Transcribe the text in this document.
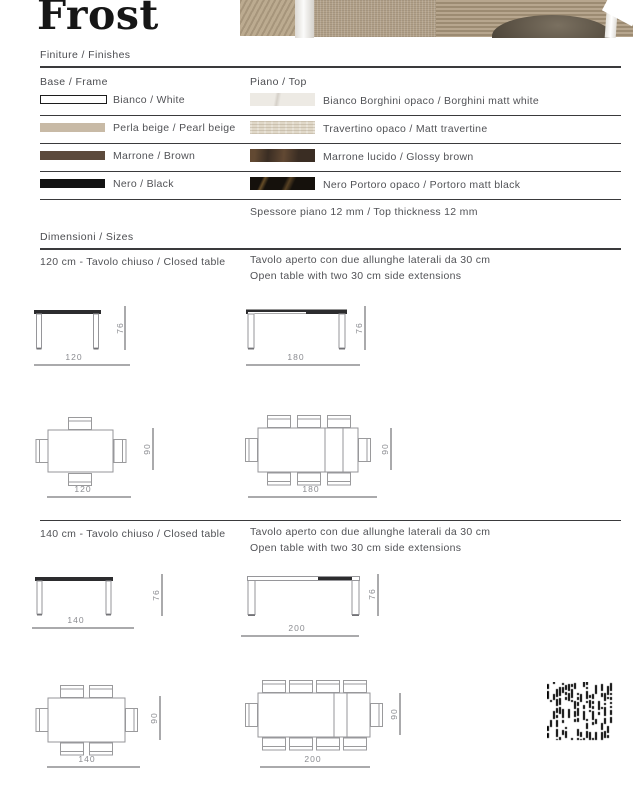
Frost
Finiture / Finishes
Base / Frame	Piano / Top
Bianco / White	Bianco Borghini opaco / Borghini matt white
Perla beige / Pearl beige	Travertino opaco / Matt travertine
Marrone / Brown	Marrone lucido / Glossy brown
Nero / Black	Nero Portoro opaco / Portoro matt black
Spessore piano 12 mm / Top thickness 12 mm
Dimensioni / Sizes
120 cm - Tavolo chiuso / Closed table Tavolo aperto con due allunghe laterali da 30 cm
Open table with two 30 cm side extensions
76
120
76
180
90
120
90
180
140 cm - Tavolo chiuso / Closed table Tavolo aperto con due allunghe laterali da 30 cm
Open table with two 30 cm side extensions
76
140
76
200
90
140
90
200
